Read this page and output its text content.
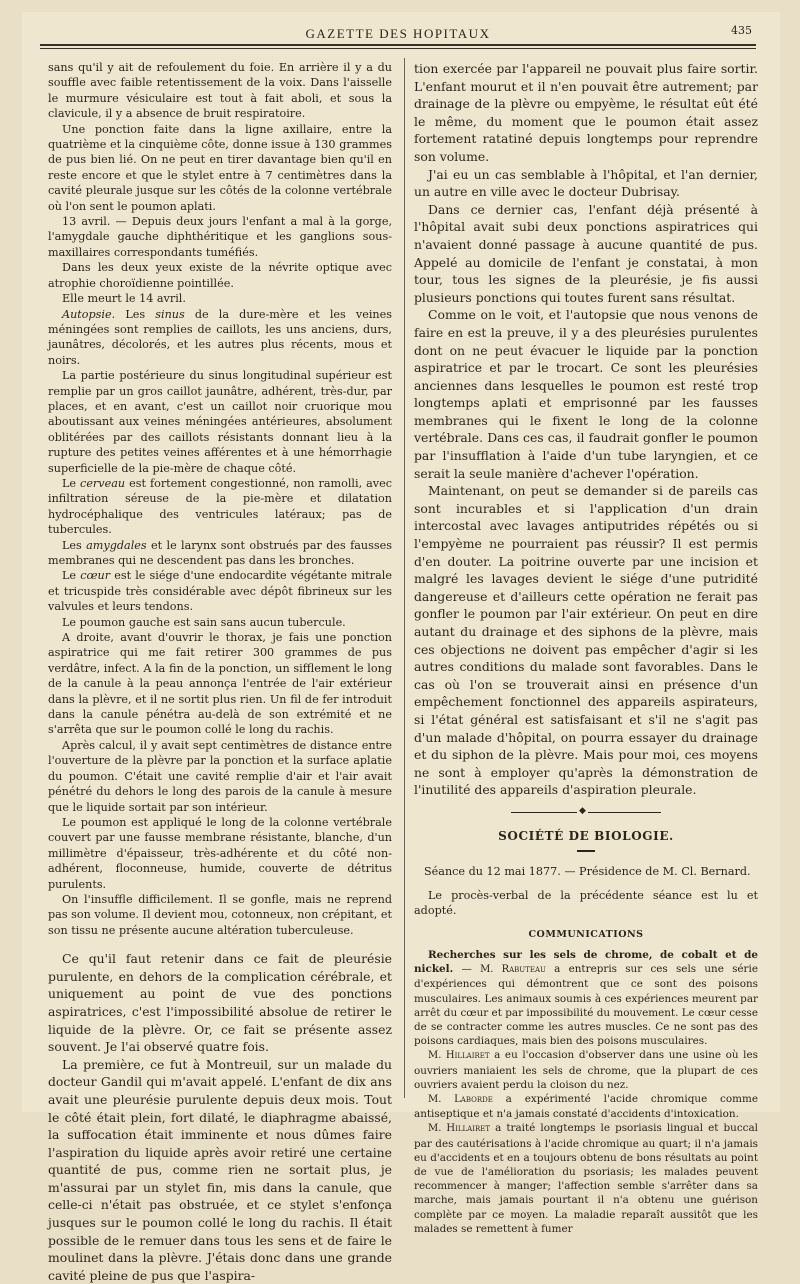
GAZETTE DES HOPITAUX	435

sans qu'il y ait de refoulement du foie. En arrière il y a du souffle avec faible retentissement de la voix. Dans l'aisselle le murmure vésiculaire est tout à fait aboli, et sous la clavicule, il y a absence de bruit respiratoire.

Une ponction faite dans la ligne axillaire, entre la quatrième et la cinquième côte, donne issue à 130 grammes de pus bien lié. On ne peut en tirer davantage bien qu'il en reste encore et que le stylet entre à 7 centimètres dans la cavité pleurale jusque sur les côtés de la colonne vertébrale où l'on sent le poumon aplati.

13 avril. — Depuis deux jours l'enfant a mal à la gorge, l'amygdale gauche diphthéritique et les ganglions sous-maxillaires correspondants tuméfiés.

Dans les deux yeux existe de la névrite optique avec atrophie choroïdienne pointillée.

Elle meurt le 14 avril.

Autopsie. Les sinus de la dure-mère et les veines méningées sont remplies de caillots, les uns anciens, durs, jaunâtres, décolorés, et les autres plus récents, mous et noirs.

La partie postérieure du sinus longitudinal supérieur est remplie par un gros caillot jaunâtre, adhérent, très-dur, par places, et en avant, c'est un caillot noir cruorique mou aboutissant aux veines méningées antérieures, absolument oblitérées par des caillots résistants donnant lieu à la rupture des petites veines afférentes et à une hémorrhagie superficielle de la pie-mère de chaque côté.

Le cerveau est fortement congestionné, non ramolli, avec infiltration séreuse de la pie-mère et dilatation hydrocéphalique des ventricules latéraux; pas de tubercules.

Les amygdales et le larynx sont obstrués par des fausses membranes qui ne descendent pas dans les bronches.

Le cœur est le siége d'une endocardite végétante mitrale et tricuspide très considérable avec dépôt fibrineux sur les valvules et leurs tendons.

Le poumon gauche est sain sans aucun tubercule.

A droite, avant d'ouvrir le thorax, je fais une ponction aspiratrice qui me fait retirer 300 grammes de pus verdâtre, infect. A la fin de la ponction, un sifflement le long de la canule à la peau annonça l'entrée de l'air extérieur dans la plèvre, et il ne sortit plus rien. Un fil de fer introduit dans la canule pénétra au-delà de son extrémité et ne s'arrêta que sur le poumon collé le long du rachis.

Après calcul, il y avait sept centimètres de distance entre l'ouverture de la plèvre par la ponction et la surface aplatie du poumon. C'était une cavité remplie d'air et l'air avait pénétré du dehors le long des parois de la canule à mesure que le liquide sortait par son intérieur.

Le poumon est appliqué le long de la colonne vertébrale couvert par une fausse membrane résistante, blanche, d'un millimètre d'épaisseur, très-adhérente et du côté non-adhérent, floconneuse, humide, couverte de détritus purulents.

On l'insuffle difficilement. Il se gonfle, mais ne reprend pas son volume. Il devient mou, cotonneux, non crépitant, et son tissu ne présente aucune altération tuberculeuse.

Ce qu'il faut retenir dans ce fait de pleurésie purulente, en dehors de la complication cérébrale, et uniquement au point de vue des ponctions aspiratrices, c'est l'impossibilité absolue de retirer le liquide de la plèvre. Or, ce fait se présente assez souvent. Je l'ai observé quatre fois.

La première, ce fut à Montreuil, sur un malade du docteur Gandil qui m'avait appelé. L'enfant de dix ans avait une pleurésie purulente depuis deux mois. Tout le côté était plein, fort dilaté, le diaphragme abaissé, la suffocation était imminente et nous dûmes faire l'aspiration du liquide après avoir retiré une certaine quantité de pus, comme rien ne sortait plus, je m'assurai par un stylet fin, mis dans la canule, que celle-ci n'était pas obstruée, et ce stylet s'enfonça jusques sur le poumon collé le long du rachis. Il était possible de le remuer dans tous les sens et de faire le moulinet dans la plèvre. J'étais donc dans une grande cavité pleine de pus que l'aspira-

tion exercée par l'appareil ne pouvait plus faire sortir. L'enfant mourut et il n'en pouvait être autrement; par drainage de la plèvre ou empyème, le résultat eût été le même, du moment que le poumon était assez fortement ratatiné depuis longtemps pour reprendre son volume.

J'ai eu un cas semblable à l'hôpital, et l'an dernier, un autre en ville avec le docteur Dubrisay.

Dans ce dernier cas, l'enfant déjà présenté à l'hôpital avait subi deux ponctions aspiratrices qui n'avaient donné passage à aucune quantité de pus. Appelé au domicile de l'enfant je constatai, à mon tour, tous les signes de la pleurésie, je fis aussi plusieurs ponctions qui toutes furent sans résultat.

Comme on le voit, et l'autopsie que nous venons de faire en est la preuve, il y a des pleurésies purulentes dont on ne peut évacuer le liquide par la ponction aspiratrice et par le trocart. Ce sont les pleurésies anciennes dans lesquelles le poumon est resté trop longtemps aplati et emprisonné par les fausses membranes qui le fixent le long de la colonne vertébrale. Dans ces cas, il faudrait gonfler le poumon par l'insufflation à l'aide d'un tube laryngien, et ce serait la seule manière d'achever l'opération.

Maintenant, on peut se demander si de pareils cas sont incurables et si l'application d'un drain intercostal avec lavages antiputrides répétés ou si l'empyème ne pourraient pas réussir? Il est permis d'en douter. La poitrine ouverte par une incision et malgré les lavages devient le siége d'une putridité dangereuse et d'ailleurs cette opération ne ferait pas gonfler le poumon par l'air extérieur. On peut en dire autant du drainage et des siphons de la plèvre, mais ces objections ne doivent pas empêcher d'agir si les autres conditions du malade sont favorables. Dans le cas où l'on se trouverait ainsi en présence d'un empêchement fonctionnel des appareils aspirateurs, si l'état général est satisfaisant et s'il ne s'agit pas d'un malade d'hôpital, on pourra essayer du drainage et du siphon de la plèvre. Mais pour moi, ces moyens ne sont à employer qu'après la démonstration de l'inutilité des appareils d'aspiration pleurale.

◆
SOCIÉTÉ DE BIOLOGIE.

Séance du 12 mai 1877. — Présidence de M. Cl. Bernard.

Le procès-verbal de la précédente séance est lu et adopté.

COMMUNICATIONS

Recherches sur les sels de chrome, de cobalt et de nickel. — M. Rabuteau a entrepris sur ces sels une série d'expériences qui démontrent que ce sont des poisons musculaires. Les animaux soumis à ces expériences meurent par arrêt du cœur et par impossibilité du mouvement. Le cœur cesse de se contracter comme les autres muscles. Ce ne sont pas des poisons cardiaques, mais bien des poisons musculaires.

M. Hillairet a eu l'occasion d'observer dans une usine où les ouvriers maniaient les sels de chrome, que la plupart de ces ouvriers avaient perdu la cloison du nez.

M. Laborde a expérimenté l'acide chromique comme antiseptique et n'a jamais constaté d'accidents d'intoxication.

M. Hillairet a traité longtemps le psoriasis lingual et buccal par des cautérisations à l'acide chromique au quart; il n'a jamais eu d'accidents et en a toujours obtenu de bons résultats au point de vue de l'amélioration du psoriasis; les malades peuvent recommencer à manger; l'affection semble s'arrêter dans sa marche, mais jamais pourtant il n'a obtenu une guérison complète par ce moyen. La maladie reparaît aussitôt que les malades se remettent à fumer
